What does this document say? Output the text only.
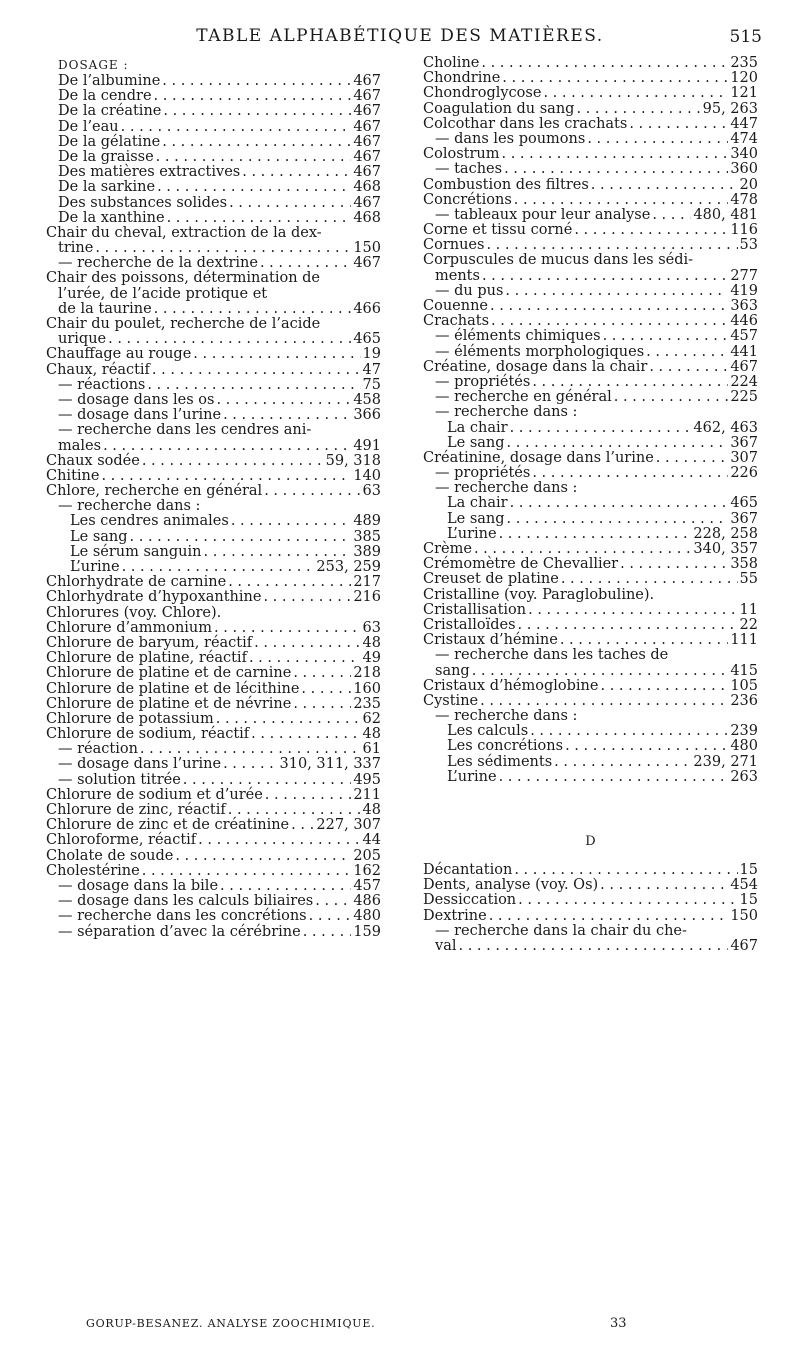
TABLE ALPHABÉTIQUE DES MATIÈRES.	515
DOSAGE :
De l’albumine . . .	467
De la cendre . . .	467
De la créatine . . .	467
De l’eau . . .	467
De la gélatine . . .	467
De la graisse . . .	467
Des matières extractives . . .	467
De la sarkine . . .	468
Des substances solides . . .	467
De la xanthine . . .	468
Chair du cheval, extraction de la dex-
trine . . .	150
— recherche de la dextrine . . .	467
Chair des poissons, détermination de
l’urée, de l’acide protique et
de la taurine . . .	466
Chair du poulet, recherche de l’acide
urique . . .	465
Chauffage au rouge . . .	19
Chaux, réactif . . .	47
— réactions . . .	75
— dosage dans les os . . .	458
— dosage dans l’urine . . .	366
— recherche dans les cendres ani-
males . . .	491
Chaux sodée . . .	59, 318
Chitine . . .	140
Chlore, recherche en général . . .	63
— recherche dans :
Les cendres animales . . .	489
Le sang . . .	385
Le sérum sanguin . . .	389
L’urine . . .	253, 259
Chlorhydrate de carnine . . .	217
Chlorhydrate d’hypoxanthine . . .	216
Chlorures (voy. Chlore).
Chlorure d’ammonium . . .	63
Chlorure de baryum, réactif . . .	48
Chlorure de platine, réactif . . .	49
Chlorure de platine et de carnine . . .	218
Chlorure de platine et de lécithine . . .	160
Chlorure de platine et de névrine . . .	235
Chlorure de potassium . . .	62
Chlorure de sodium, réactif . . .	48
— réaction . . .	61
— dosage dans l’urine . . .	310, 311, 337
— solution titrée . . .	495
Chlorure de sodium et d’urée . . .	211
Chlorure de zinc, réactif . . .	48
Chlorure de zinc et de créatinine . . . 227, 307
Chloroforme, réactif . . .	44
Cholate de soude . . .	205
Cholestérine . . .	162
— dosage dans la bile . . .	457
— dosage dans les calculs biliaires . . .	486
— recherche dans les concrétions . . .	480
— séparation d’avec la cérébrine . . .	159
Choline . . .	235
Chondrine . . .	120
Chondroglycose . . .	121
Coagulation du sang . . .	95, 263
Colcothar dans les crachats . . .	447
— dans les poumons . . .	474
Colostrum . . .	340
— taches . . .	360
Combustion des filtres . . .	20
Concrétions . . .	478
— tableaux pour leur analyse . . .	480, 481
Corne et tissu corné . . .	116
Cornues . . .	53
Corpuscules de mucus dans les sédi-
ments . . .	277
— du pus . . .	419
Couenne . . .	363
Crachats . . .	446
— éléments chimiques . . .	457
— éléments morphologiques . . .	441
Créatine, dosage dans la chair . . .	467
— propriétés . . .	224
— recherche en général . . .	225
— recherche dans :
La chair . . .	462, 463
Le sang . . .	367
Créatinine, dosage dans l’urine . . .	307
— propriétés . . .	226
— recherche dans :
La chair . . .	465
Le sang . . .	367
L’urine . . .	228, 258
Crème . . .	340, 357
Crémomètre de Chevallier . . .	358
Creuset de platine . . .	55
Cristalline (voy. Paraglobuline).
Cristallisation . . .	11
Cristalloïdes . . .	22
Cristaux d’hémine . . .	111
— recherche dans les taches de
sang . . .	415
Cristaux d’hémoglobine . . .	105
Cystine . . .	236
— recherche dans :
Les calculs . . .	239
Les concrétions . . .	480
Les sédiments . . .	239, 271
L’urine . . .	263
D
Décantation . . .	15
Dents, analyse (voy. Os) . . .	454
Dessiccation . . .	15
Dextrine . . .	150
— recherche dans la chair du che-
val . . .	467
GORUP-BESANEZ. ANALYSE ZOOCHIMIQUE.	33
